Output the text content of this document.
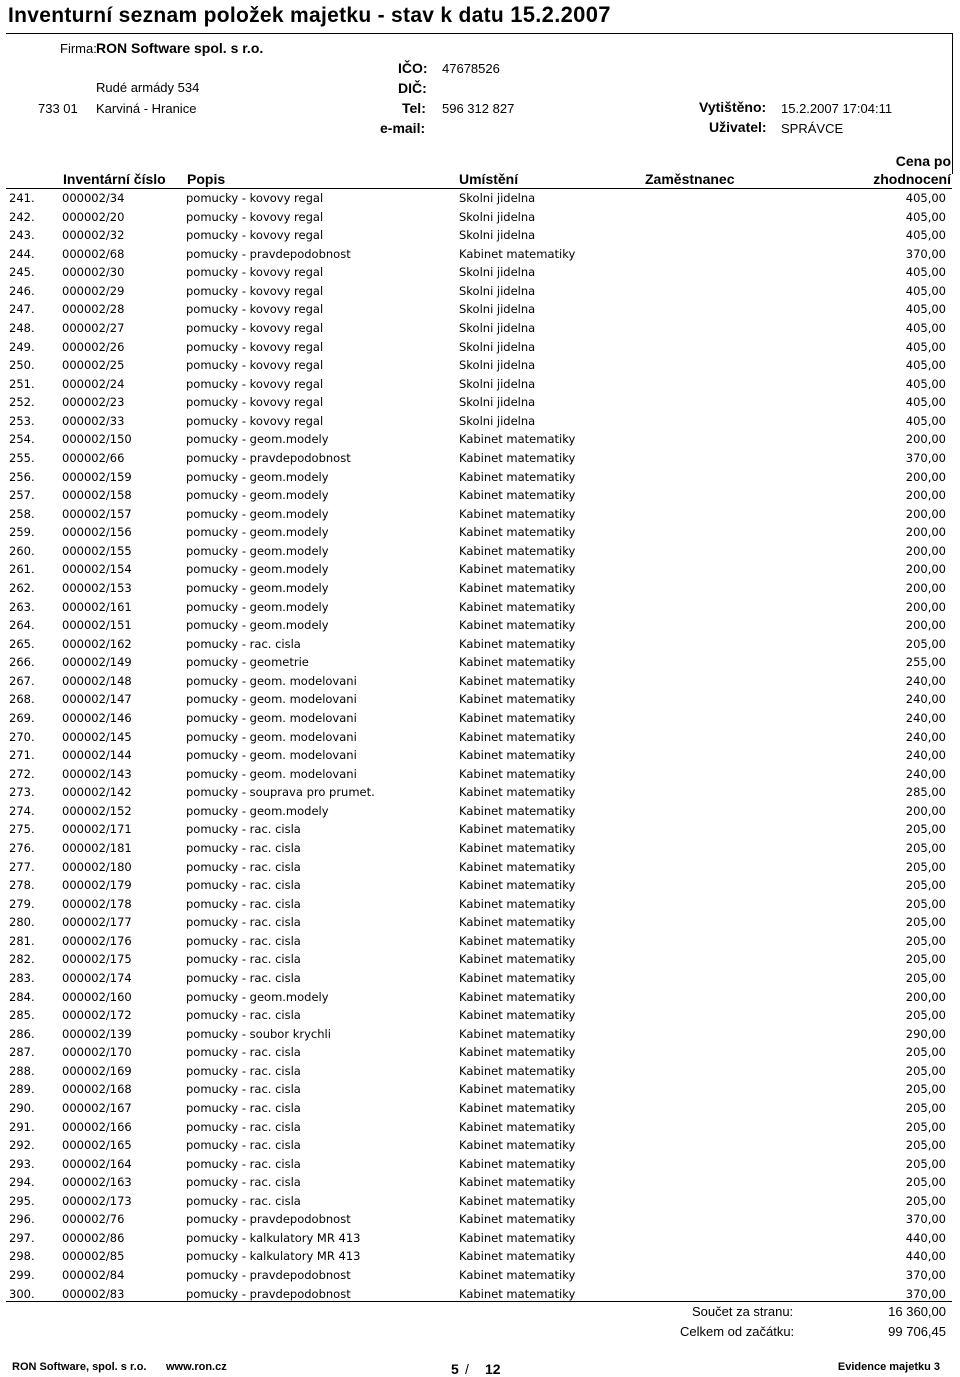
Inventurní seznam položek majetku - stav k datu 15.2.2007
Firma: RON Software spol. s r.o.
Rudé armády 534
733 01 Karviná - Hranice
IČO: 47678526
DIČ:
Tel: 596 312 827
e-mail:
Vytištěno: 15.2.2007 17:04:11
Uživatel: SPRÁVCE
Inventární číslo Popis	Umístění	Zaměstnanec
Cena po
zhodnocení
241. 000002/34	pomucky - kovovy regal	Skolni jidelna	405,00
242. 000002/20	pomucky - kovovy regal	Skolni jidelna	405,00
243. 000002/32	pomucky - kovovy regal	Skolni jidelna	405,00
244. 000002/68	pomucky - pravdepodobnost	Kabinet matematiky	370,00
245. 000002/30	pomucky - kovovy regal	Skolni jidelna	405,00
246. 000002/29	pomucky - kovovy regal	Skolni jidelna	405,00
247. 000002/28	pomucky - kovovy regal	Skolni jidelna	405,00
248. 000002/27	pomucky - kovovy regal	Skolni jidelna	405,00
249. 000002/26	pomucky - kovovy regal	Skolni jidelna	405,00
250. 000002/25	pomucky - kovovy regal	Skolni jidelna	405,00
251. 000002/24	pomucky - kovovy regal	Skolni jidelna	405,00
252. 000002/23	pomucky - kovovy regal	Skolni jidelna	405,00
253. 000002/33	pomucky - kovovy regal	Skolni jidelna	405,00
254. 000002/150	pomucky - geom.modely	Kabinet matematiky	200,00
255. 000002/66	pomucky - pravdepodobnost	Kabinet matematiky	370,00
256. 000002/159	pomucky - geom.modely	Kabinet matematiky	200,00
257. 000002/158	pomucky - geom.modely	Kabinet matematiky	200,00
258. 000002/157	pomucky - geom.modely	Kabinet matematiky	200,00
259. 000002/156	pomucky - geom.modely	Kabinet matematiky	200,00
260. 000002/155	pomucky - geom.modely	Kabinet matematiky	200,00
261. 000002/154	pomucky - geom.modely	Kabinet matematiky	200,00
262. 000002/153	pomucky - geom.modely	Kabinet matematiky	200,00
263. 000002/161	pomucky - geom.modely	Kabinet matematiky	200,00
264. 000002/151	pomucky - geom.modely	Kabinet matematiky	200,00
265. 000002/162	pomucky - rac. cisla	Kabinet matematiky	205,00
266. 000002/149	pomucky - geometrie	Kabinet matematiky	255,00
267. 000002/148	pomucky - geom. modelovani	Kabinet matematiky	240,00
268. 000002/147	pomucky - geom. modelovani	Kabinet matematiky	240,00
269. 000002/146	pomucky - geom. modelovani	Kabinet matematiky	240,00
270. 000002/145	pomucky - geom. modelovani	Kabinet matematiky	240,00
271. 000002/144	pomucky - geom. modelovani	Kabinet matematiky	240,00
272. 000002/143	pomucky - geom. modelovani	Kabinet matematiky	240,00
273. 000002/142	pomucky - souprava pro prumet.	Kabinet matematiky	285,00
274. 000002/152	pomucky - geom.modely	Kabinet matematiky	200,00
275. 000002/171	pomucky - rac. cisla	Kabinet matematiky	205,00
276. 000002/181	pomucky - rac. cisla	Kabinet matematiky	205,00
277. 000002/180	pomucky - rac. cisla	Kabinet matematiky	205,00
278. 000002/179	pomucky - rac. cisla	Kabinet matematiky	205,00
279. 000002/178	pomucky - rac. cisla	Kabinet matematiky	205,00
280. 000002/177	pomucky - rac. cisla	Kabinet matematiky	205,00
281. 000002/176	pomucky - rac. cisla	Kabinet matematiky	205,00
282. 000002/175	pomucky - rac. cisla	Kabinet matematiky	205,00
283. 000002/174	pomucky - rac. cisla	Kabinet matematiky	205,00
284. 000002/160	pomucky - geom.modely	Kabinet matematiky	200,00
285. 000002/172	pomucky - rac. cisla	Kabinet matematiky	205,00
286. 000002/139	pomucky - soubor krychli	Kabinet matematiky	290,00
287. 000002/170	pomucky - rac. cisla	Kabinet matematiky	205,00
288. 000002/169	pomucky - rac. cisla	Kabinet matematiky	205,00
289. 000002/168	pomucky - rac. cisla	Kabinet matematiky	205,00
290. 000002/167	pomucky - rac. cisla	Kabinet matematiky	205,00
291. 000002/166	pomucky - rac. cisla	Kabinet matematiky	205,00
292. 000002/165	pomucky - rac. cisla	Kabinet matematiky	205,00
293. 000002/164	pomucky - rac. cisla	Kabinet matematiky	205,00
294. 000002/163	pomucky - rac. cisla	Kabinet matematiky	205,00
295. 000002/173	pomucky - rac. cisla	Kabinet matematiky	205,00
296. 000002/76	pomucky - pravdepodobnost	Kabinet matematiky	370,00
297. 000002/86	pomucky - kalkulatory MR 413	Kabinet matematiky	440,00
298. 000002/85	pomucky - kalkulatory MR 413	Kabinet matematiky	440,00
299. 000002/84	pomucky - pravdepodobnost	Kabinet matematiky	370,00
300. 000002/83	pomucky - pravdepodobnost	Kabinet matematiky	370,00
Součet za stranu:	16 360,00
Celkem od začátku:	99 706,45
RON Software, spol. s r.o. www.ron.cz	5 / 12	Evidence majetku 3
